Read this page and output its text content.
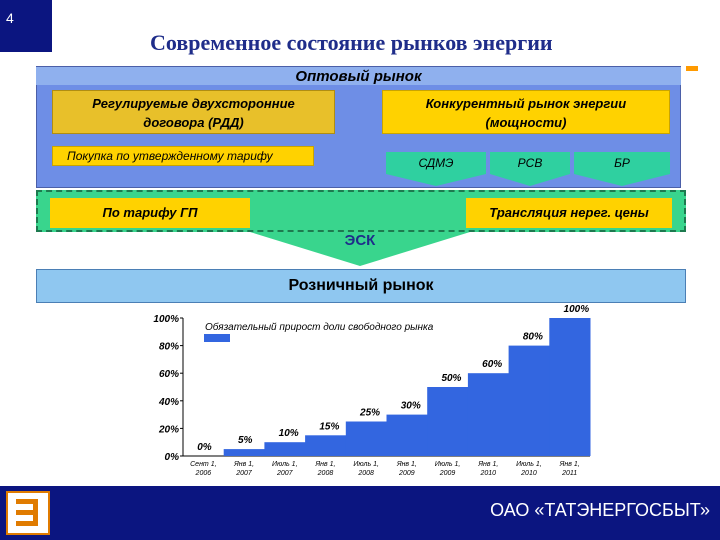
4
Современное состояние рынков энергии
Оптовый рынок
Регулируемые двухсторонние
договора (РДД)
Конкурентный рынок энергии
(мощности)
Покупка по утвержденному тарифу	СДМЭ	РСВ	БР
По тарифу ГП	Трансляция нерег. цены
ЭСК
Розничный рынок
0%
20%
40%
60%
80%
100%
0%
Сент 1,
2006
5%
Янв 1,
2007
10%
Июль 1,
2007
15%
Янв 1,
2008
25%
Июль 1,
2008
30%
Янв 1,
2009
50%
Июль 1,
2009
60%
Янв 1,
2010
80%
Июль 1,
2010
100%
Янв 1,
2011
Обязательный прирост доли свободного рынка
ОАО «ТАТЭНЕРГОСБЫТ»
